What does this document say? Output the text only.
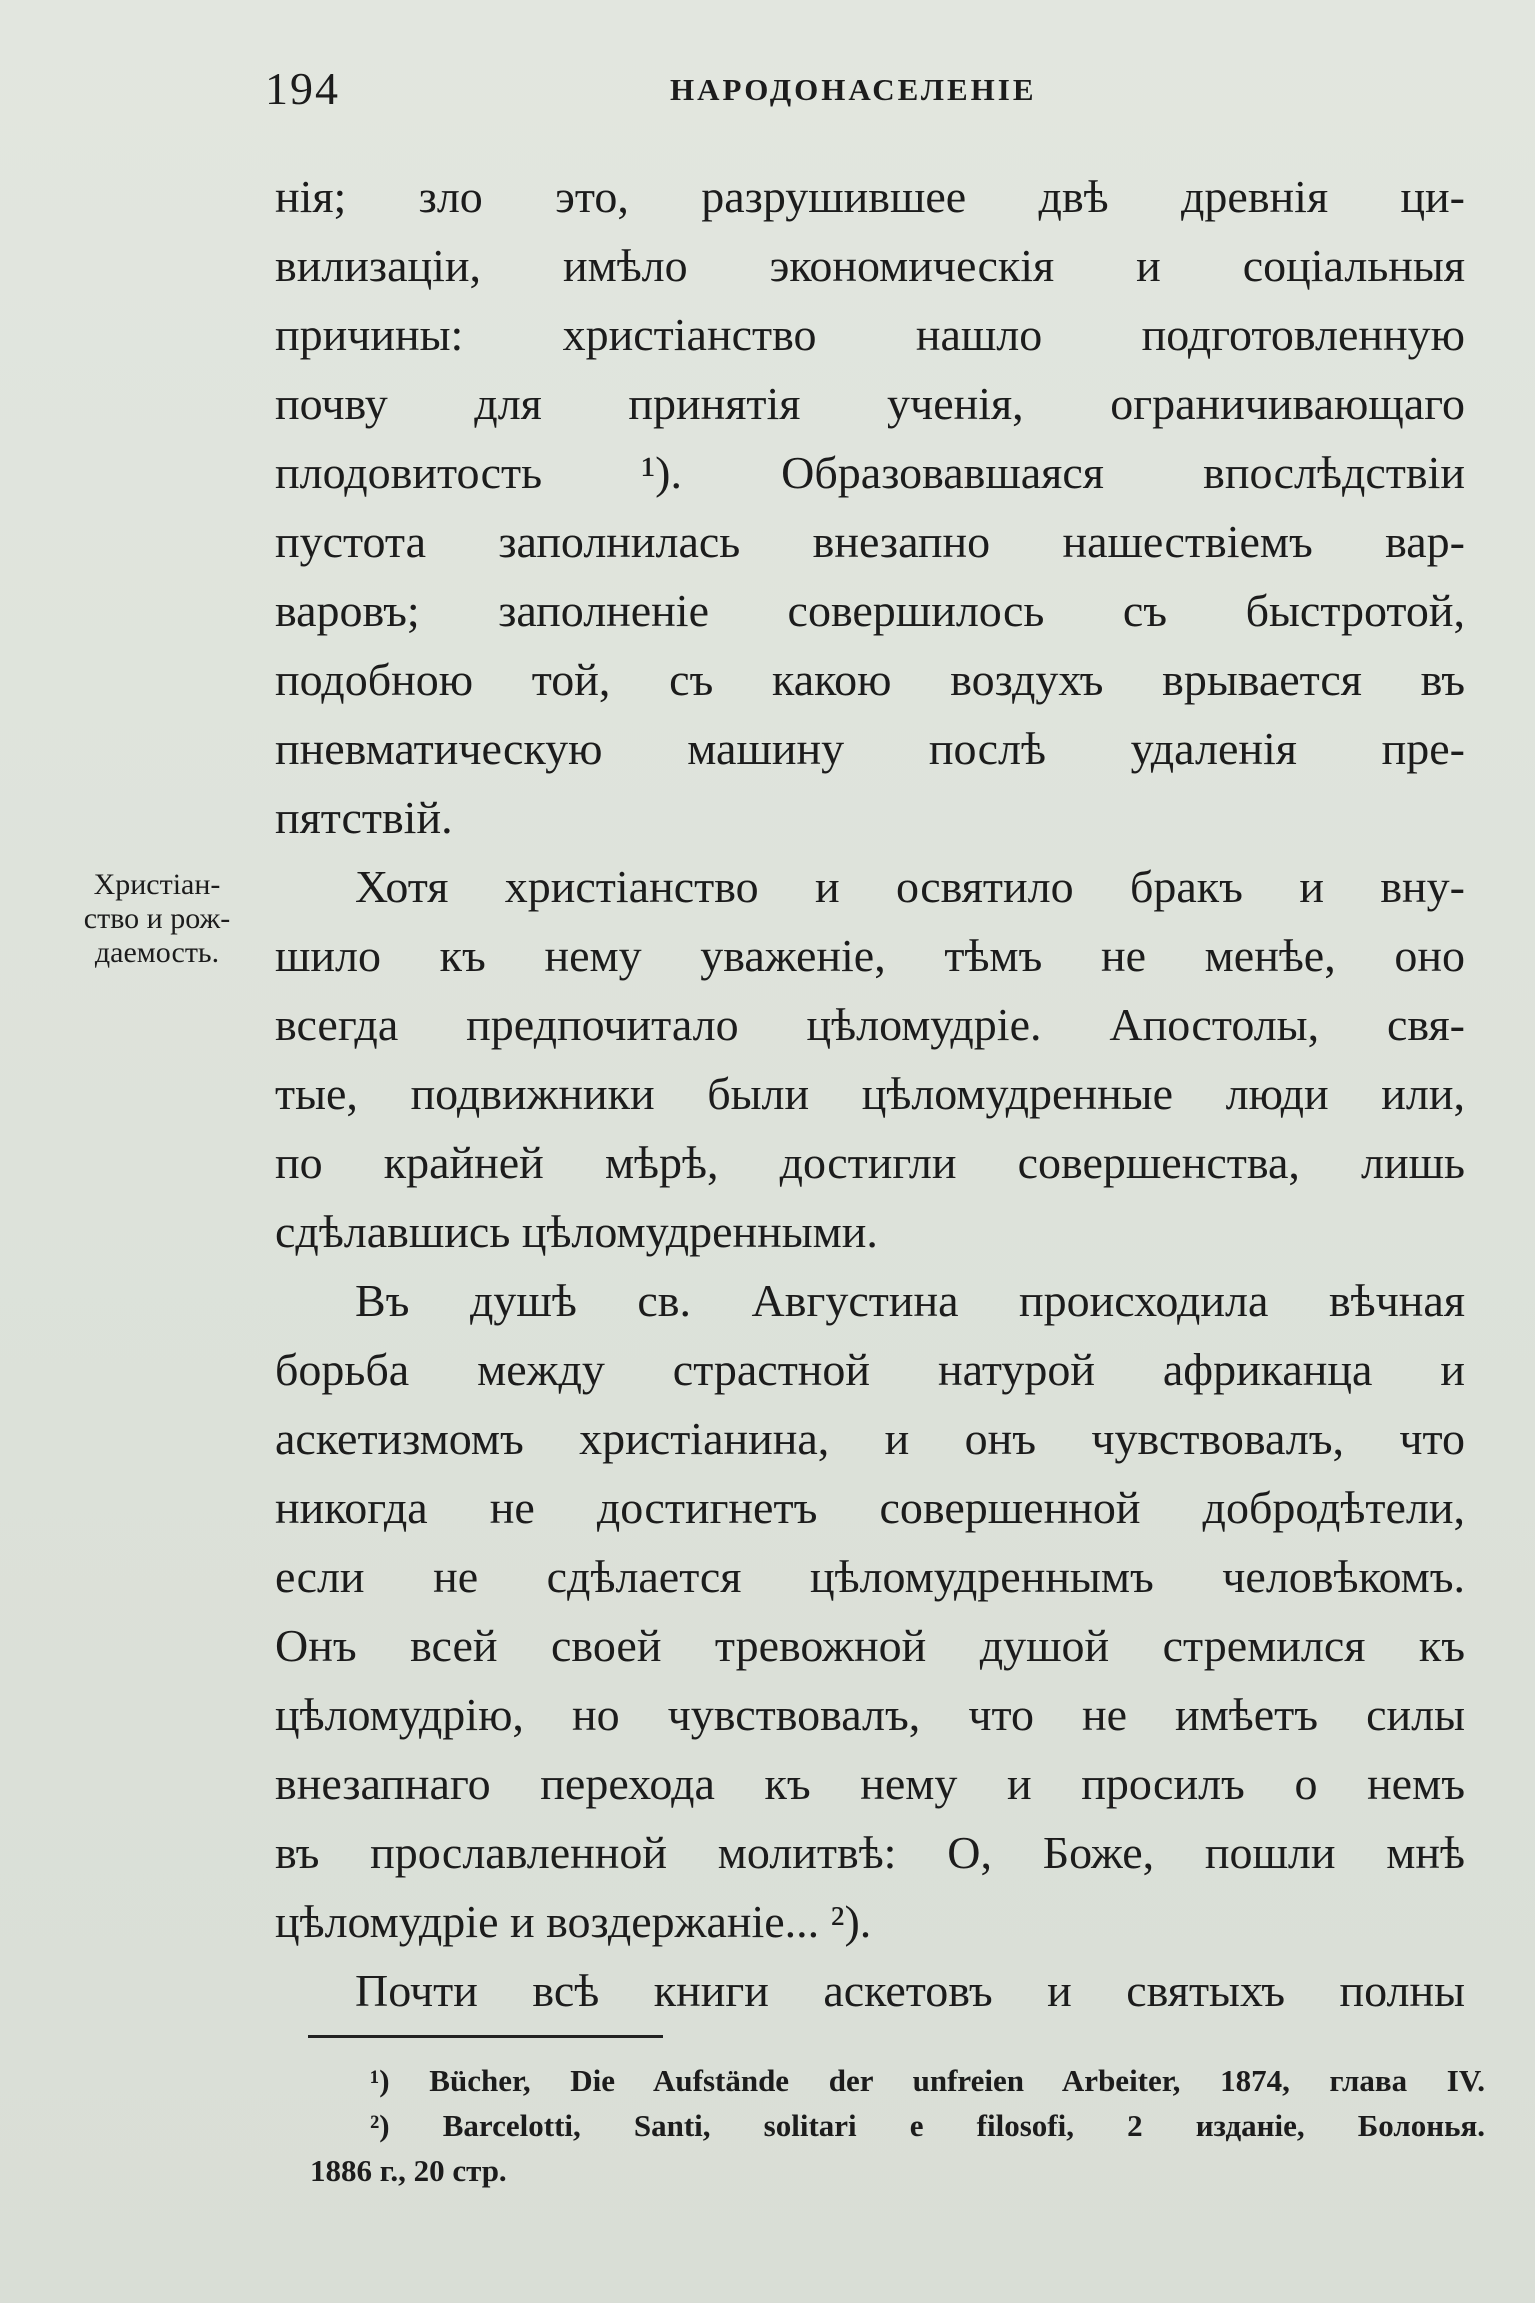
194	НАРОДОНАСЕЛЕНІЕ
Христіан-
ство и рож-
даемость.
нія; зло это, разрушившее двѣ древнія ци-
вилизаціи, имѣло экономическія и соціальныя
причины: христіанство нашло подготовленную
почву для принятія ученія, ограничивающаго
плодовитость ¹). Образовавшаяся впослѣдствіи
пустота заполнилась внезапно нашествіемъ вар-
варовъ; заполненіе совершилось съ быстротой,
подобною той, съ какою воздухъ врывается въ
пневматическую машину послѣ удаленія пре-
пятствій.
Хотя христіанство и освятило бракъ и вну-
шило къ нему уваженіе, тѣмъ не менѣе, оно
всегда предпочитало цѣломудріе. Апостолы, свя-
тые, подвижники были цѣломудренные люди или,
по крайней мѣрѣ, достигли совершенства, лишь
сдѣлавшись цѣломудренными.
Въ душѣ св. Августина происходила вѣчная
борьба между страстной натурой африканца и
аскетизмомъ христіанина, и онъ чувствовалъ, что
никогда не достигнетъ совершенной добродѣтели,
если не сдѣлается цѣломудреннымъ человѣкомъ.
Онъ всей своей тревожной душой стремился къ
цѣломудрію, но чувствовалъ, что не имѣетъ силы
внезапнаго перехода къ нему и просилъ о немъ
въ прославленной молитвѣ: О, Боже, пошли мнѣ
цѣломудріе и воздержаніе... ²).
Почти всѣ книги аскетовъ и святыхъ полны
¹) Bücher, Die Aufstände der unfreien Arbeiter, 1874, глава IV.
²) Barcelotti, Santi, solitari e filosofi, 2 изданіе, Болонья.
1886 г., 20 стр.
